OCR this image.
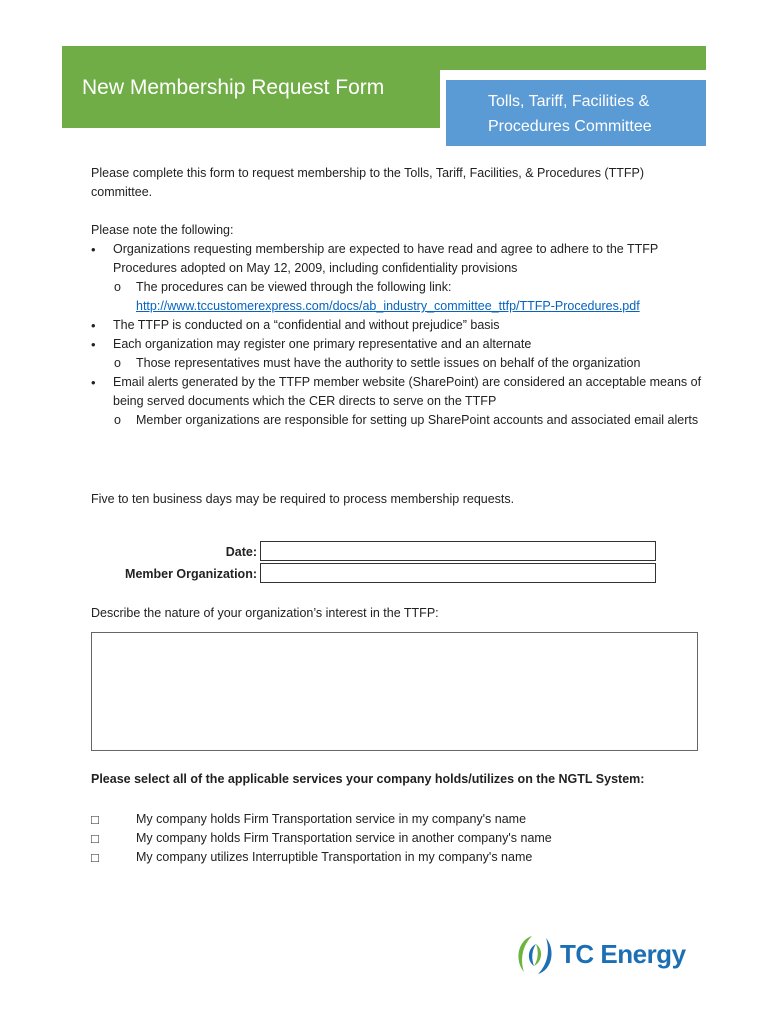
New Membership Request Form
Tolls, Tariff, Facilities &
Procedures Committee

Please complete this form to request membership to the Tolls, Tariff, Facilities, & Procedures (TTFP) committee.

Please note the following:

• Organizations requesting membership are expected to have read and agree to adhere to the TTFP Procedures adopted on May 12, 2009, including confidentiality provisions
o The procedures can be viewed through the following link:
http://www.tccustomerexpress.com/docs/ab_industry_committee_ttfp/TTFP-Procedures.pdf
• The TTFP is conducted on a “confidential and without prejudice” basis
• Each organization may register one primary representative and an alternate
o Those representatives must have the authority to settle issues on behalf of the organization
• Email alerts generated by the TTFP member website (SharePoint) are considered an acceptable means of being served documents which the CER directs to serve on the TTFP
o Member organizations are responsible for setting up SharePoint accounts and associated email alerts

Five to ten business days may be required to process membership requests.

Date:
Member Organization:
Describe the nature of your organization’s interest in the TTFP:
Please select all of the applicable services your company holds/utilizes on the NGTL System:
□	My company holds Firm Transportation service in my company's name
□	My company holds Firm Transportation service in another company's name
□	My company utilizes Interruptible Transportation in my company's name
TC Energy
